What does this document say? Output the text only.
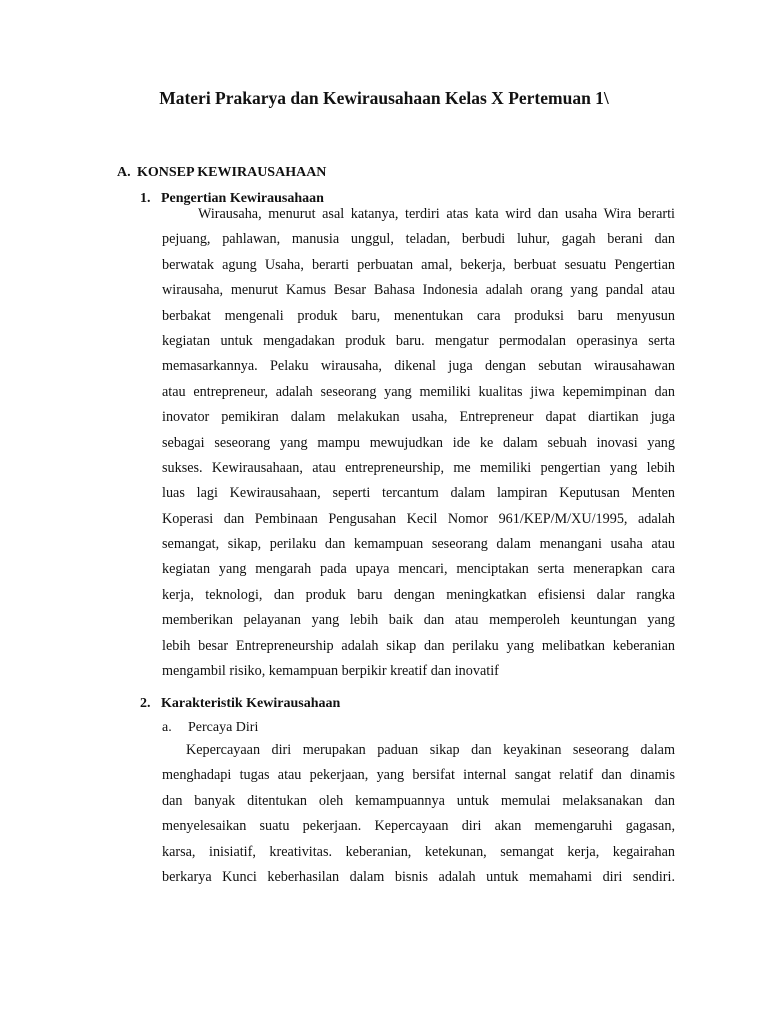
Materi Prakarya dan Kewirausahaan Kelas X Pertemuan 1\
A. KONSEP KEWIRAUSAHAAN
1. Pengertian Kewirausahaan
Wirausaha, menurut asal katanya, terdiri atas kata wird dan usaha Wira berarti
pejuang, pahlawan, manusia unggul, teladan, berbudi luhur, gagah berani dan
berwatak agung Usaha, berarti perbuatan amal, bekerja, berbuat sesuatu Pengertian
wirausaha, menurut Kamus Besar Bahasa Indonesia adalah orang yang pandal atau
berbakat mengenali produk baru, menentukan cara produksi baru menyusun
kegiatan untuk mengadakan produk baru. mengatur permodalan operasinya serta
memasarkannya. Pelaku wirausaha, dikenal juga dengan sebutan wirausahawan
atau entrepreneur, adalah seseorang yang memiliki kualitas jiwa kepemimpinan dan
inovator pemikiran dalam melakukan usaha, Entrepreneur dapat diartikan juga
sebagai seseorang yang mampu mewujudkan ide ke dalam sebuah inovasi yang
sukses. Kewirausahaan, atau entrepreneurship, me memiliki pengertian yang lebih
luas lagi Kewirausahaan, seperti tercantum dalam lampiran Keputusan Menten
Koperasi dan Pembinaan Pengusahan Kecil Nomor 961/KEP/M/XU/1995, adalah
semangat, sikap, perilaku dan kemampuan seseorang dalam menangani usaha atau
kegiatan yang mengarah pada upaya mencari, menciptakan serta menerapkan cara
kerja, teknologi, dan produk baru dengan meningkatkan efisiensi dalar rangka
memberikan pelayanan yang lebih baik dan atau memperoleh keuntungan yang
lebih besar Entrepreneurship adalah sikap dan perilaku yang melibatkan keberanian
mengambil risiko, kemampuan berpikir kreatif dan inovatif
2. Karakteristik Kewirausahaan
a. Percaya Diri
Kepercayaan diri merupakan paduan sikap dan keyakinan seseorang dalam
menghadapi tugas atau pekerjaan, yang bersifat internal sangat relatif dan dinamis
dan banyak ditentukan oleh kemampuannya untuk memulai melaksanakan dan
menyelesaikan suatu pekerjaan. Kepercayaan diri akan memengaruhi gagasan,
karsa, inisiatif, kreativitas. keberanian, ketekunan, semangat kerja, kegairahan
berkarya Kunci keberhasilan dalam bisnis adalah untuk memahami diri sendiri.
